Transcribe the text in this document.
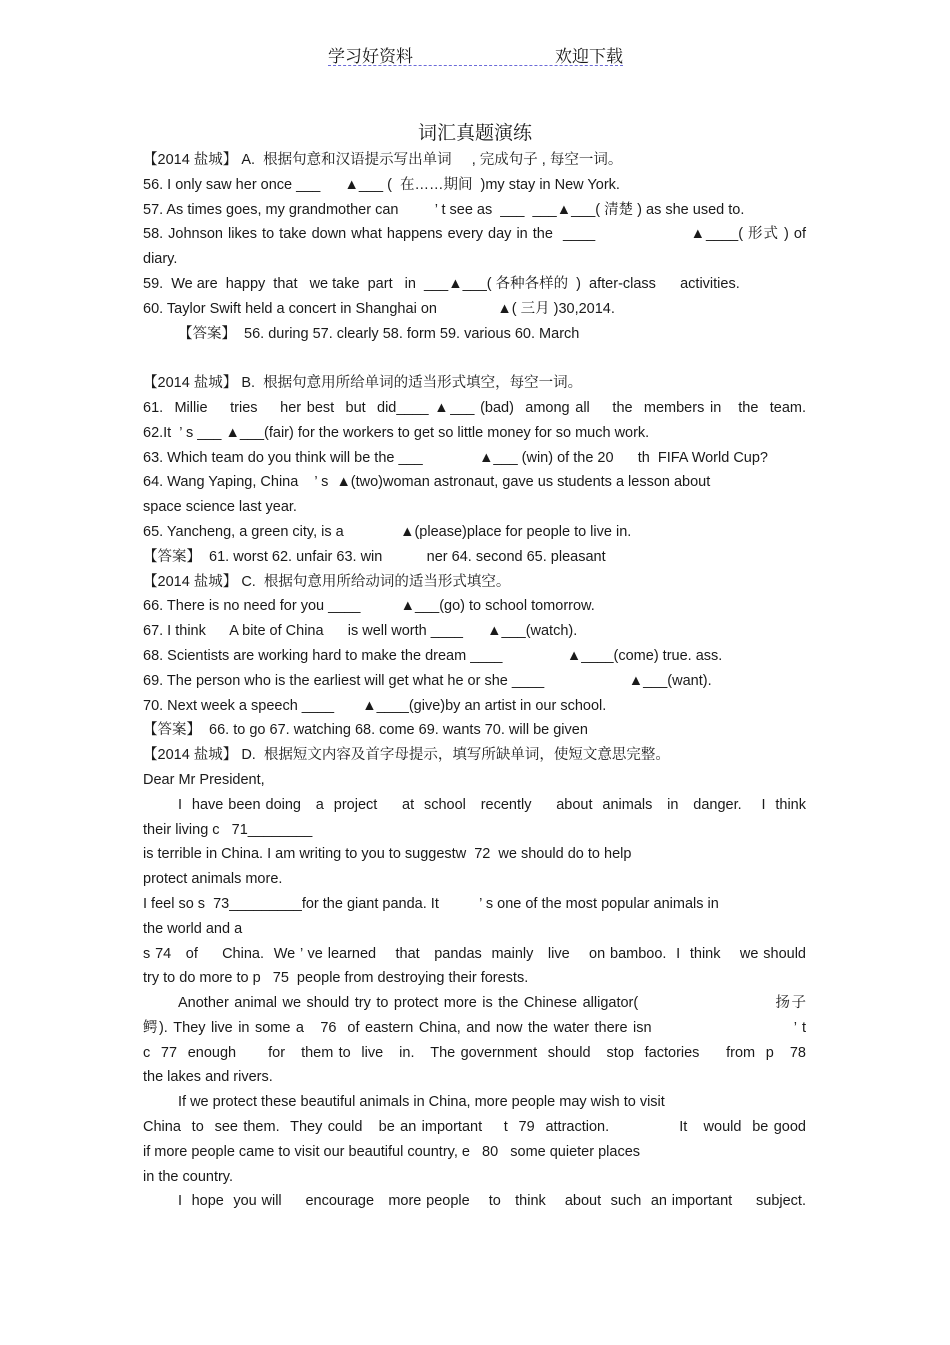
学习好资料	欢迎下载
词汇真题演练
【2014 盐城】 A.  根据句意和汉语提示写出单词     , 完成句子 , 每空一词。
56. I only saw her once ___      ▲___ (  在……期间  )my stay in New York.
57. As times goes, my grandmother can         ’ t see as  ___  ___▲___( 清楚 ) as she used to.
58. Johnson likes to take down what happens every day in the  ____                   ▲____( 形式 ) of
diary.
59.  We are  happy  that   we take  part   in  ___▲___( 各种各样的  )  after-class      activities.
60. Taylor Swift held a concert in Shanghai on               ▲( 三月 )30,2014.
【答案】  56. during 57. clearly 58. form 59. various 60. March
【2014 盐城】 B.  根据句意用所给单词的适当形式填空，每空一词。
61.  Millie    tries    her best  but  did____ ▲___ (bad)  among all    the  members in   the  team.
62.It  ’ s ___ ▲___(fair) for the workers to get so little money for so much work.
63. Which team do you think will be the ___              ▲___ (win) of the 20      th  FIFA World Cup?
64. Wang Yaping, China    ’ s  ▲(two)woman astronaut, gave us students a lesson about
space science last year.
65. Yancheng, a green city, is a              ▲(please)place for people to live in.
【答案】  61. worst 62. unfair 63. win           ner 64. second 65. pleasant
【2014 盐城】 C.  根据句意用所给动词的适当形式填空。
66. There is no need for you ____          ▲___(go) to school tomorrow.
67. I think      A bite of China      is well worth ____      ▲___(watch).
68. Scientists are working hard to make the dream ____                ▲____(come) true. ass.
69. The person who is the earliest will get what he or she ____                     ▲___(want).
70. Next week a speech ____       ▲____(give)by an artist in our school.
【答案】  66. to go 67. watching 68. come 69. wants 70. will be given
【2014 盐城】 D.  根据短文内容及首字母提示，填写所缺单词，使短文意思完整。
Dear Mr President,
I  have been doing   a  project     at  school   recently     about  animals   in   danger.    I  think
their living c   71________
is terrible in China. I am writing to you to suggestw  72  we should do to help
protect animals more.
I feel so s  73_________for the giant panda. It          ’ s one of the most popular animals in
the world and a
s 74   of     China.  We ’ ve learned    that   pandas  mainly   live    on bamboo.  I  think    we should
try to do more to p   75  people from destroying their forests.
Another animal we should try to protect more is the Chinese alligator(                         扬子
鳄). They live in some a   76  of eastern China, and now the water there isn                          ’ t
c  77  enough      for   them to  live   in.   The government  should   stop  factories     from  p   78
the lakes and rivers.
If we protect these beautiful animals in China, more people may wish to visit
China  to  see them.  They could   be an important    t  79  attraction.             It   would  be good
if more people came to visit our beautiful country, e   80   some quieter places
in the country.
I  hope  you will     encourage   more people    to   think    about  such  an important     subject.
